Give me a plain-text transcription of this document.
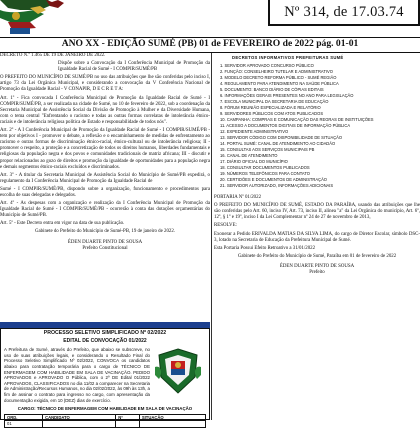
Nº 314, de 17.03.74
ANO XX - EDIÇÃO SUMÉ (PB) 01 de FEVEREIRO de 2022 pág. 01-01
DECRETO N.º 1.465 DE 19 DE JANEIRO DE 2022.
Dispõe sobre a Convocação da I Conferência Municipal de Promoção da Igualdade Racial de Sumé - I COMPIR/SUMÉ/PB
O PREFEITO DO MUNICÍPIO DE SUMÉ/PB no uso das atribuições que lhe são conferidas pelo inciso I, artigo 73 da Lei Orgânica Municipal, e considerando a convocação da V Conferência Nacional de Promoção da Igualdade Racial - V CONAPIR, D E C R E T A:
Art. 1º - Fica convocada I Conferência Municipal de Promoção da Igualdade Racial de Sumé - I COMPIR/SUMÉ/PB, a ser realizada na cidade de Sumé, no 10 de fevereiro de 2022, sob a coordenação da Secretaria Municipal de Assistência Social da Divisão de Promoção à Mulher e da Diversidade Humana, com o tema central "Enfrentando o racismo e todas as outras formas correlatas de intolerância étnico-raciais e de intolerância religiosa política de Estado e responsabilidade de todos nós".
Art. 2º - A I Conferência Municipal de Promoção da Igualdade Racial de Sumé - I COMPIR/SUMÉ/PB - tem por objetivos I - promover o debate, a reflexão e o encaminhamento de medidas de enfrentamento ao racismo e outras formas de discriminação étnico-racial, étnico-cultural ou de intolerância religiosa; II - promover o respeito, a proteção e a concretização de todos os direitos humanos, liberdades fundamentais e religiosas da população negra e dos povos e comunidades tradicionais de matriz africana; III - discutir e propor relacionados ao gozo de direitos e promoção da igualdade de oportunidades para a população negra e demais segmentos étnico-raciais excluídos e discriminados.
Art. 3º - A titular da Secretaria Municipal de Assistência Social do Município de Sumé/PB expedirá, o regulamento da I Conferência Municipal de Promoção da Igualdade Racial de
Sumé - I COMPIR/SUMÉ/PB, dispondo sobre a organização, funcionamento e procedimentos para escolha de suas delegadas e delegados.
Art. 4º - As despesas com a organização e realização da I Conferência Municipal de Promoção da Igualdade Racial de Sumé - I COMPIR/SUMÉ/PB - ocorrerão à conta das dotações orçamentárias do Município de Sumé/PB.
Art. 5º - Este Decreto entra em vigor na data de sua publicação.
Gabinete do Prefeito do Município de Sumé-PB, 19 de janeiro de 2022.
ÉDEN DUARTE PINTO DE SOUSA
Prefeito Constitucional
PROCESSO SELETIVO SIMPLIFICADO Nº 02/2022
EDITAL DE CONVOCAÇÃO 01/2022
A Prefeitura de Sumé, através do Prefeito, que abaixo se subscreve, no uso de suas atribuições legais, e considerando o Resultado Final do Processo Seletivo Simplificado Nº 02/2022, CONVOCA os candidatos abaixo para contratação temporária para o cargo de TÉCNICO DE ENFERMAGEM COM HABILIDADE EM SALA DE VACINAÇÃO. PEDIDO APROVADOS e APROVADO O Pública, com o 2º DE Edital 01/2022 APROVADOS, CLASSIFICADOS no dia 11/02 a comparecer na Secretaria de Administração/Recursos Humanos, no dia 02/02/2022, às 09h às 13h, a fim de assinar o contrato para ingresso no cargo, com apresentação da documentação exigida, em 10 (DEZ) dias de exercício.
CARGO: TÉCNICO DE ENFERMAGEM COM HABILIDADE EM SALA DE VACINAÇÃO
ORD.	CANDIDATO	Nº	SITUAÇÃO
01			
DECRETOS INFORMATIVOS PREFEITURAS SUMÉ
1. SERVIDOR APROVADO CONCURSO PÚBLICO
2. FUNÇÃO: CONSELHEIRO TUTELAR E ADMINISTRATIVO
3. MODELO DECRETO REFORMA PÚBLICO - SUMÉ REGIÃO
4. REGULAMENTO PARA ATENDIMENTO NA SAÚDE PÚBLICA
5. DOCUMENTO: BANCO DIÁRIO DE CÓPIAS EDITAIS
6. INFORMAÇÕES GERAIS PRESENTES NO ANO PARA LEGISLAÇÃO
7. ESCOLA MUNICIPAL DA SECRETARIA DE EDUCAÇÃO
8. FÓRUM REUNIÃO ESPECIALIZADA E RELATÓRIO
9. SERVIDORES PÚBLICOS COM ATOS PUBLICADOS
10. CAMPANHA: COMPRAS E COMUNICAÇÃO DAS REGRAS DE INSTITUIÇÕES
11. ACESSO A DOCUMENTOS DIGITAIS DE INFORMAÇÃO PÚBLICA
12. EXPEDIENTE ADMINISTRATIVO
13. SERVIDOR CÓDIGO COM DISPONIBILIDADE DE SITUAÇÃO
14. PORTAL SUMÉ: CANAL DE ATENDIMENTO AO CIDADÃO
15. CONSULTAS AOS SERVIÇOS MUNICIPAIS PB
16. CANAL DE ATENDIMENTO
17. DIÁRIO OFICIAL DO MUNICÍPIO
18. CONSULTAR DOCUMENTOS PUBLICADOS
19. NÚMEROS TELEFÔNICOS PARA CONTATO
20. CERTIDÕES E DOCUMENTOS DE ADMINISTRAÇÃO
21. SERVIDOR AUTORIZADO, INFORMAÇÕES ADICIONAIS
PORTARIA Nº 01/2022
O PREFEITO DO MUNICÍPIO DE SUMÉ, ESTADO DA PARAÍBA, usando das atribuições que lhe são conferidas pelo Art. 60, inciso IV, Art. 73, inciso II, alínea "a" da Lei Orgânica do município, Art. 6º, 12º, § 1º e 19º, inciso I da Lei Complementar nº 24 de 27 de novembro de 2013,
RESOLVE:
Exonerar a Pedido ERIVALDA MATIAS DA SILVA LIMA, do cargo de Diretor Escolar, símbolo DSC-3, lotado na Secretaria de Educação da Prefeitura Municipal de Sumé.
Esta Portaria Possui Efeito Retroativo a 31/01/2022
Gabinete do Prefeito do Município de Sumé, Paraíba em 01 de fevereiro de 2022
ÉDEN DUARTE PINTO DE SOUSA
Prefeito
